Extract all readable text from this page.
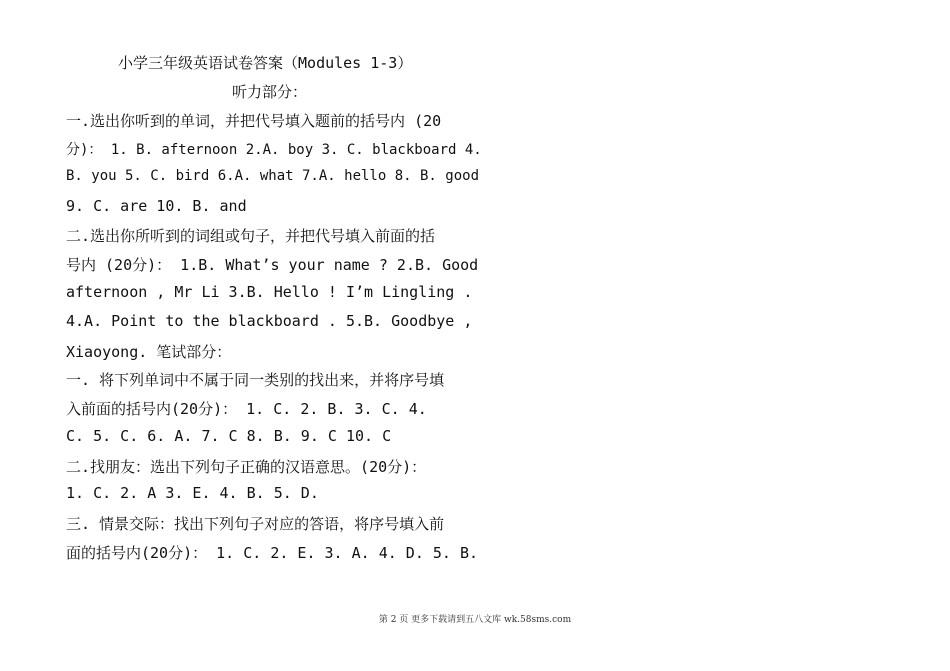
小学三年级英语试卷答案（Modules 1-3）
听力部分：
一.选出你听到的单词，并把代号填入题前的括号内 (20
分)： 1. B. afternoon 2.A. boy 3. C. blackboard 4.
B. you 5. C. bird 6.A. what 7.A. hello 8. B. good
9. C. are 10. B. and
二.选出你所听到的词组或句子，并把代号填入前面的括
号内 (20分)： 1.B. What’s your name ? 2.B. Good
afternoon , Mr Li 3.B. Hello ! I’m Lingling .
4.A. Point to the blackboard . 5.B. Goodbye ,
Xiaoyong. 笔试部分：
一. 将下列单词中不属于同一类别的找出来，并将序号填
入前面的括号内(20分)： 1. C. 2. B. 3. C. 4.
C. 5. C. 6. A. 7. C 8. B. 9. C 10. C
二.找朋友：选出下列句子正确的汉语意思。(20分)：
1. C. 2. A 3. E. 4. B. 5. D.
三. 情景交际：找出下列句子对应的答语，将序号填入前
面的括号内(20分)： 1. C. 2. E. 3. A. 4. D. 5. B.
第 2 页 更多下载请到五八文库 wk.58sms.com
